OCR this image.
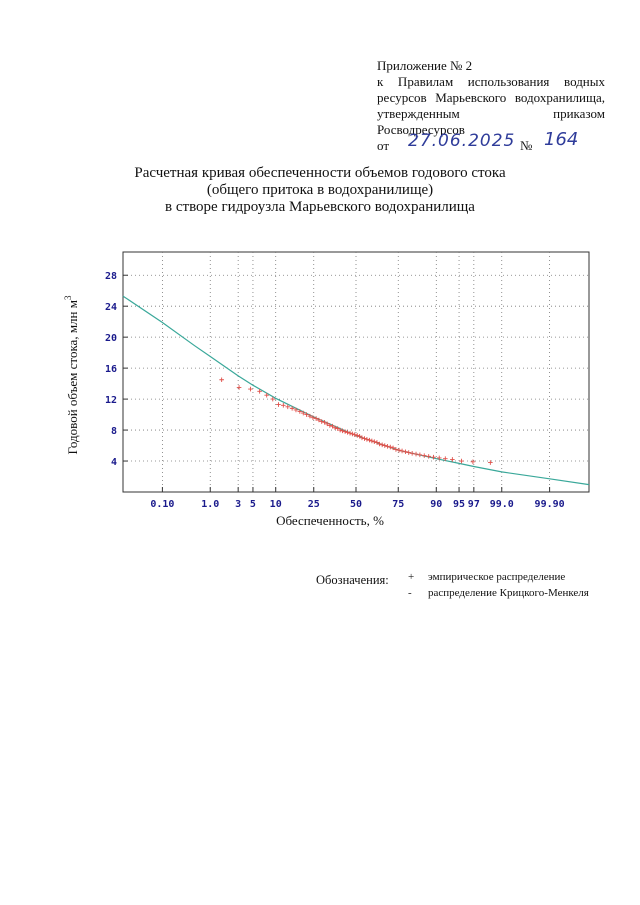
Приложение № 2
к Правилам использования водных
ресурсов Марьевского водохранилища,
утвержденным приказом Росводресурсов
от 27.06.2025 № 164
Расчетная кривая обеспеченности объемов годового стока
(общего притока в водохранилище)
в створе гидроузла Марьевского водохранилища
0.10	1.0 3 5 10	25	50	75	90 95 97 99.0 99.90
4
8
12
16
20
24
28
Обеспеченность, %
Годовой объем стока, млн $м^3$
Обозначения: + эмпирическое распределение
- распределение Крицкого-Менкеля
